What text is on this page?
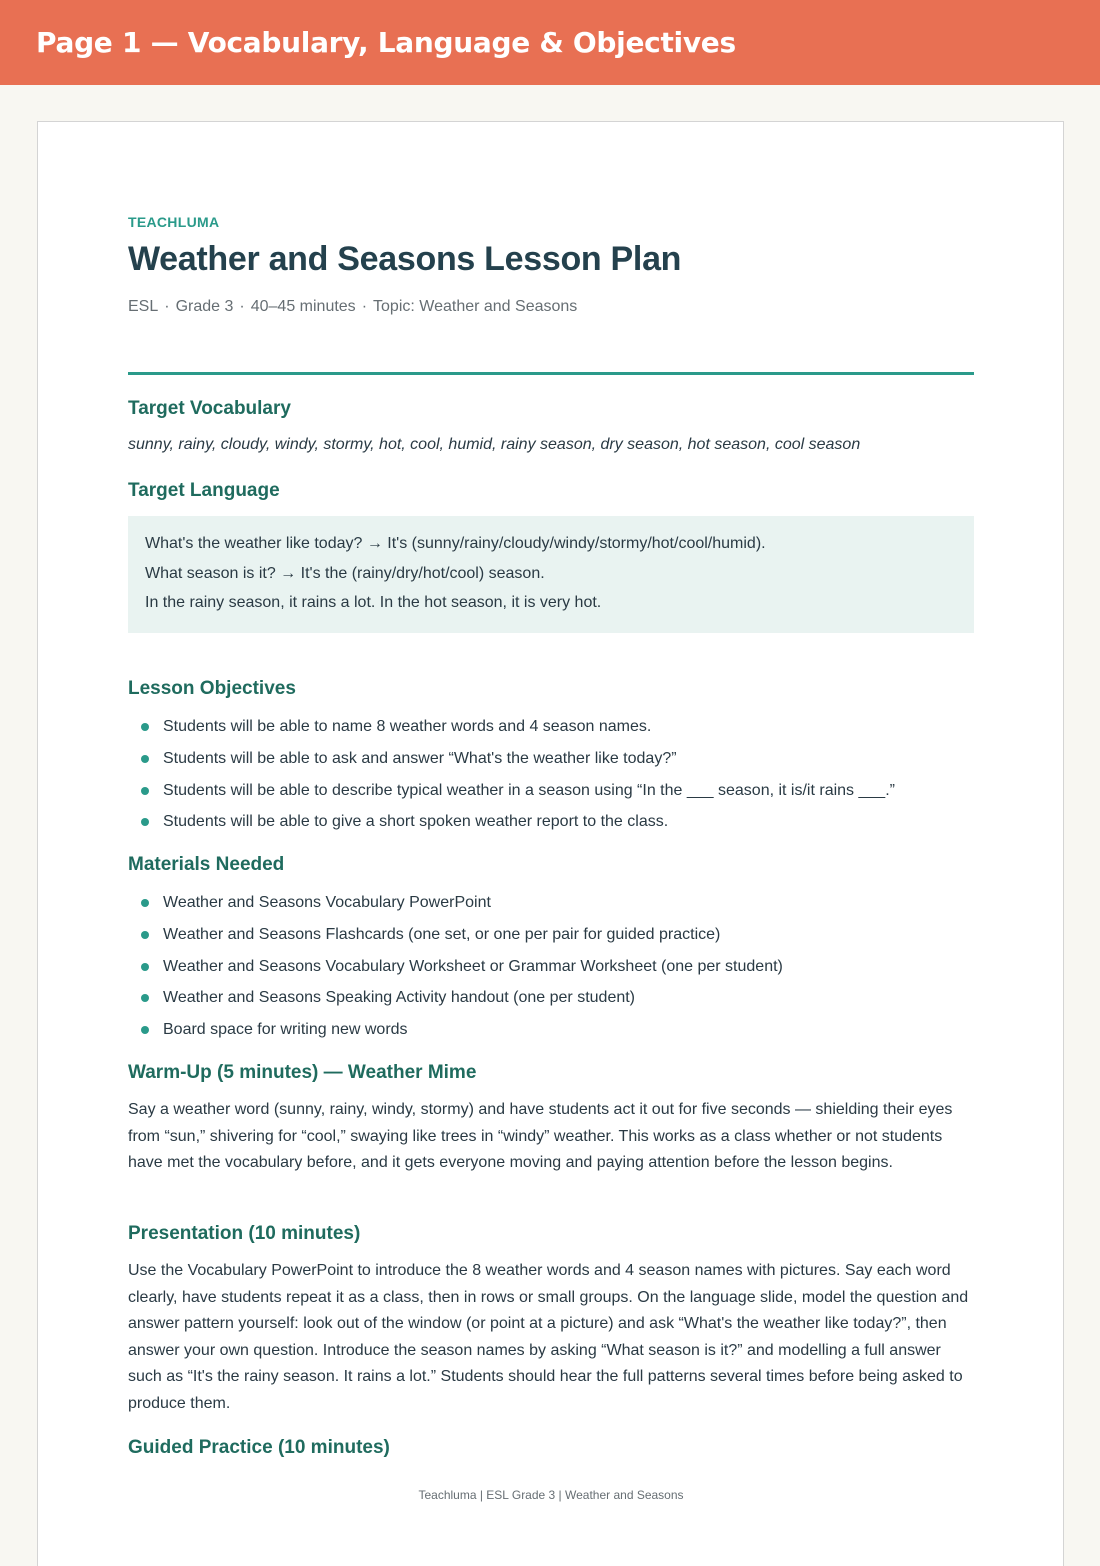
Page 1 — Vocabulary, Language & Objectives
TEACHLUMA
Weather and Seasons Lesson Plan
ESL · Grade 3 · 40–45 minutes · Topic: Weather and Seasons
Target Vocabulary
sunny, rainy, cloudy, windy, stormy, hot, cool, humid, rainy season, dry season, hot season, cool season
Target Language
What's the weather like today? → It's (sunny/rainy/cloudy/windy/stormy/hot/cool/humid).
What season is it? → It's the (rainy/dry/hot/cool) season.
In the rainy season, it rains a lot. In the hot season, it is very hot.
Lesson Objectives
Students will be able to name 8 weather words and 4 season names.
Students will be able to ask and answer “What's the weather like today?”
Students will be able to describe typical weather in a season using “In the ___ season, it is/it rains ___.”
Students will be able to give a short spoken weather report to the class.
Materials Needed
Weather and Seasons Vocabulary PowerPoint
Weather and Seasons Flashcards (one set, or one per pair for guided practice)
Weather and Seasons Vocabulary Worksheet or Grammar Worksheet (one per student)
Weather and Seasons Speaking Activity handout (one per student)
Board space for writing new words
Warm-Up (5 minutes) — Weather Mime
Say a weather word (sunny, rainy, windy, stormy) and have students act it out for five seconds — shielding their eyes from “sun,” shivering for “cool,” swaying like trees in “windy” weather. This works as a class whether or not students have met the vocabulary before, and it gets everyone moving and paying attention before the lesson begins.
Presentation (10 minutes)
Use the Vocabulary PowerPoint to introduce the 8 weather words and 4 season names with pictures. Say each word clearly, have students repeat it as a class, then in rows or small groups. On the language slide, model the question and answer pattern yourself: look out of the window (or point at a picture) and ask “What's the weather like today?”, then answer your own question. Introduce the season names by asking “What season is it?” and modelling a full answer such as “It's the rainy season. It rains a lot.” Students should hear the full patterns several times before being asked to produce them.
Guided Practice (10 minutes)
Teachluma | ESL Grade 3 | Weather and Seasons
